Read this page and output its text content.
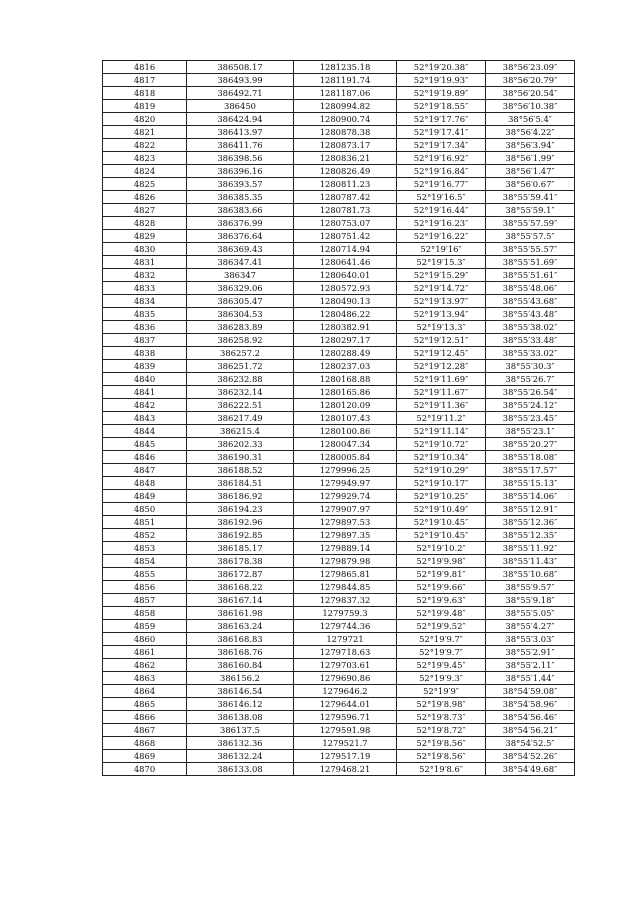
4816	386508.17	1281235.18	52°19′20.38″	38°56′23.09″
4817	386493.99	1281191.74	52°19′19.93″	38°56′20.79″
4818	386492.71	1281187.06	52°19′19.89″	38°56′20.54″
4819	386450	1280994.82	52°19′18.55″	38°56′10.38″
4820	386424.94	1280900.74	52°19′17.76″	38°56′5.4″
4821	386413.97	1280878.38	52°19′17.41″	38°56′4.22″
4822	386411.76	1280873.17	52°19′17.34″	38°56′3.94″
4823	386398.56	1280836.21	52°19′16.92″	38°56′1.99″
4824	386396.16	1280826.49	52°19′16.84″	38°56′1.47″
4825	386393.57	1280811.23	52°19′16.77″	38°56′0.67″
4826	386385.35	1280787.42	52°19′16.5″	38°55′59.41″
4827	386383.66	1280781.73	52°19′16.44″	38°55′59.1″
4828	386376.99	1280753.07	52°19′16.23″	38°55′57.59″
4829	386376.64	1280751.42	52°19′16.22″	38°55′57.5″
4830	386369.43	1280714.94	52°19′16″	38°55′55.57″
4831	386347.41	1280641.46	52°19′15.3″	38°55′51.69″
4832	386347	1280640.01	52°19′15.29″	38°55′51.61″
4833	386329.06	1280572.93	52°19′14.72″	38°55′48.06″
4834	386305.47	1280490.13	52°19′13.97″	38°55′43.68″
4835	386304.53	1280486.22	52°19′13.94″	38°55′43.48″
4836	386283.89	1280382.91	52°19′13.3″	38°55′38.02″
4837	386258.92	1280297.17	52°19′12.51″	38°55′33.48″
4838	386257.2	1280288.49	52°19′12.45″	38°55′33.02″
4839	386251.72	1280237.03	52°19′12.28″	38°55′30.3″
4840	386232.88	1280168.88	52°19′11.69″	38°55′26.7″
4841	386232.14	1280165.86	52°19′11.67″	38°55′26.54″
4842	386222.51	1280120.09	52°19′11.36″	38°55′24.12″
4843	386217.49	1280107.43	52°19′11.2″	38°55′23.45″
4844	386215.4	1280100.86	52°19′11.14″	38°55′23.1″
4845	386202.33	1280047.34	52°19′10.72″	38°55′20.27″
4846	386190.31	1280005.84	52°19′10.34″	38°55′18.08″
4847	386188.52	1279996.25	52°19′10.29″	38°55′17.57″
4848	386184.51	1279949.97	52°19′10.17″	38°55′15.13″
4849	386186.92	1279929.74	52°19′10.25″	38°55′14.06″
4850	386194.23	1279907.97	52°19′10.49″	38°55′12.91″
4851	386192.96	1279897.53	52°19′10.45″	38°55′12.36″
4852	386192.85	1279897.35	52°19′10.45″	38°55′12.35″
4853	386185.17	1279889.14	52°19′10.2″	38°55′11.92″
4854	386178.38	1279879.98	52°19′9.98″	38°55′11.43″
4855	386172.87	1279865.81	52°19′9.81″	38°55′10.68″
4856	386168.22	1279844.85	52°19′9.66″	38°55′9.57″
4857	386167.14	1279837.32	52°19′9.63″	38°55′9.18″
4858	386161.98	1279759.3	52°19′9.48″	38°55′5.05″
4859	386163.24	1279744.36	52°19′9.52″	38°55′4.27″
4860	386168.83	1279721	52°19′9.7″	38°55′3.03″
4861	386168.76	1279718.63	52°19′9.7″	38°55′2.91″
4862	386160.84	1279703.61	52°19′9.45″	38°55′2.11″
4863	386156.2	1279690.86	52°19′9.3″	38°55′1.44″
4864	386146.54	1279646.2	52°19′9″	38°54′59.08″
4865	386146.12	1279644.01	52°19′8.98″	38°54′58.96″
4866	386138.08	1279596.71	52°19′8.73″	38°54′56.46″
4867	386137.5	1279591.98	52°19′8.72″	38°54′56.21″
4868	386132.36	1279521.7	52°19′8.56″	38°54′52.5″
4869	386132.24	1279517.19	52°19′8.56″	38°54′52.26″
4870	386133.08	1279468.21	52°19′8.6″	38°54′49.68″
